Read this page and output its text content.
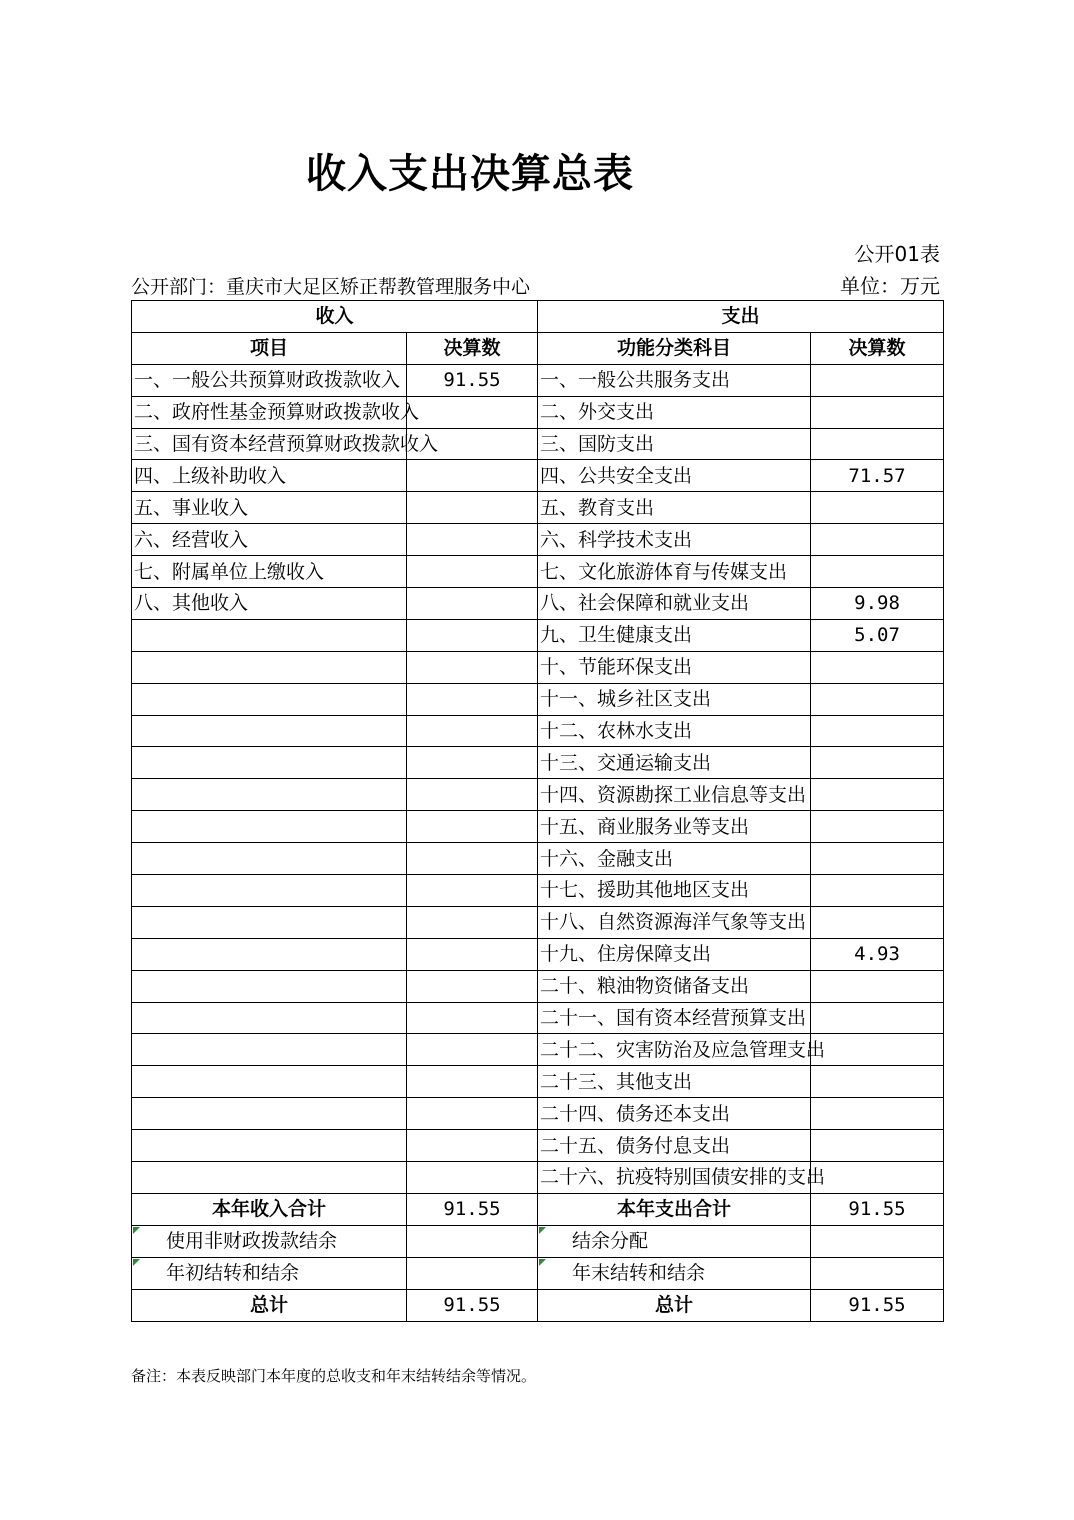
收入支出决算总表
公开01表
公开部门：重庆市大足区矫正帮教管理服务中心	单位：万元
收入		支出	
项目	决算数	功能分类科目	决算数
一、一般公共预算财政拨款收入	91.55	一、一般公共服务支出	
二、政府性基金预算财政拨款收入		二、外交支出	
三、国有资本经营预算财政拨款收入		三、国防支出	
四、上级补助收入		四、公共安全支出	71.57
五、事业收入		五、教育支出	
六、经营收入		六、科学技术支出	
七、附属单位上缴收入		七、文化旅游体育与传媒支出	
八、其他收入		八、社会保障和就业支出	9.98
		九、卫生健康支出	5.07
		十、节能环保支出	
		十一、城乡社区支出	
		十二、农林水支出	
		十三、交通运输支出	
		十四、资源勘探工业信息等支出	
		十五、商业服务业等支出	
		十六、金融支出	
		十七、援助其他地区支出	
		十八、自然资源海洋气象等支出	
		十九、住房保障支出	4.93
		二十、粮油物资储备支出	
		二十一、国有资本经营预算支出	
		二十二、灾害防治及应急管理支出	
		二十三、其他支出	
		二十四、债务还本支出	
		二十五、债务付息支出	
		二十六、抗疫特别国债安排的支出	
本年收入合计	91.55	本年支出合计	91.55
使用非财政拨款结余		结余分配	
年初结转和结余		年末结转和结余	
总计	91.55	总计	91.55
备注：本表反映部门本年度的总收支和年末结转结余等情况。
